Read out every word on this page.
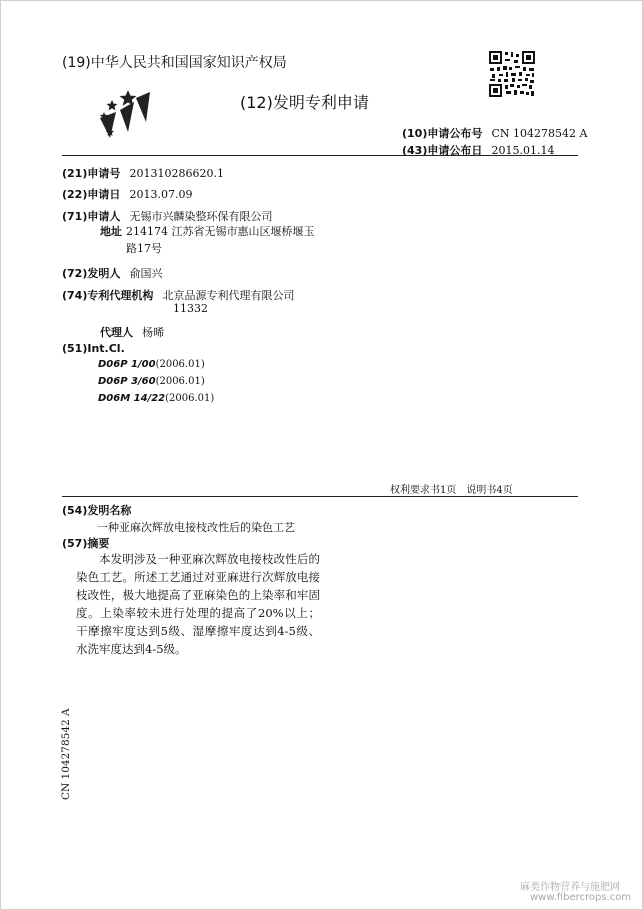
(19)中华人民共和国国家知识产权局
(12)发明专利申请
(10)申请公布号 CN 104278542 A
(43)申请公布日 2015.01.14
(21)申请号 201310286620.1
(22)申请日 2013.07.09
(71)申请人 无锡市兴麟染整环保有限公司
地址 214174 江苏省无锡市惠山区堰桥堰玉
路17号
(72)发明人 俞国兴
(74)专利代理机构 北京品源专利代理有限公司
11332
代理人 杨晞
(51)Int.Cl.
D06P 1/00(2006.01)
D06P 3/60(2006.01)
D06M 14/22(2006.01)
权利要求书1页　说明书4页
(54)发明名称
一种亚麻次辉放电接枝改性后的染色工艺
(57)摘要
本发明涉及一种亚麻次辉放电接枝改性后的染色工艺。所述工艺通过对亚麻进行次辉放电接枝改性，极大地提高了亚麻染色的上染率和牢固度。上染率较未进行处理的提高了20%以上；干摩擦牢度达到5级、湿摩擦牢度达到4-5级、水洗牢度达到4-5级。
CN 104278542 A
麻类作物营养与施肥网
www.fibercrops.com
